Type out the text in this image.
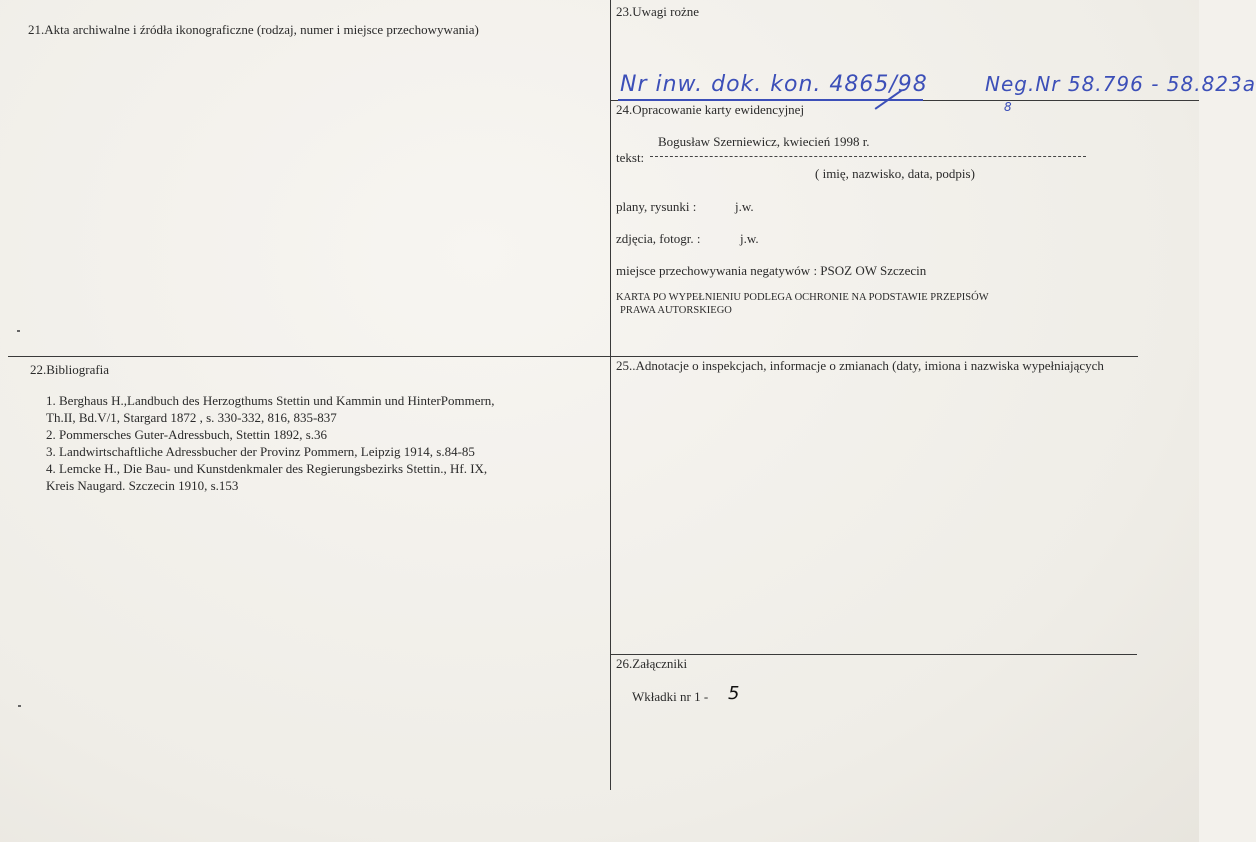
21.Akta archiwalne i źródła ikonograficzne (rodzaj, numer i miejsce przechowywania)
22.Bibliografia
1. Berghaus H.,Landbuch des Herzogthums Stettin und Kammin und HinterPommern,
Th.II, Bd.V/1, Stargard 1872 , s. 330-332, 816, 835-837
2. Pommersches Guter-Adressbuch, Stettin 1892, s.36
3. Landwirtschaftliche Adressbucher der Provinz Pommern, Leipzig 1914, s.84-85
4. Lemcke H., Die Bau- und Kunstdenkmaler des Regierungsbezirks Stettin., Hf. IX,
Kreis Naugard. Szczecin 1910, s.153
23.Uwagi rożne
Nr inw. dok. kon. 4865/98	Neg.Nr 58.796 - 58.823a
8
24.Opracowanie karty ewidencyjnej
Bogusław Szerniewicz, kwiecień 1998 r.
tekst:
( imię, nazwisko, data, podpis)
plany, rysunki :	j.w.
zdjęcia, fotogr. :	j.w.
miejsce przechowywania negatywów : PSOZ OW Szczecin
KARTA PO WYPEŁNIENIU PODLEGA OCHRONIE NA PODSTAWIE PRZEPISÓW
PRAWA AUTORSKIEGO
25..Adnotacje o inspekcjach, informacje o zmianach (daty, imiona i nazwiska wypełniających
26.Załączniki
Wkładki nr 1 - 5
